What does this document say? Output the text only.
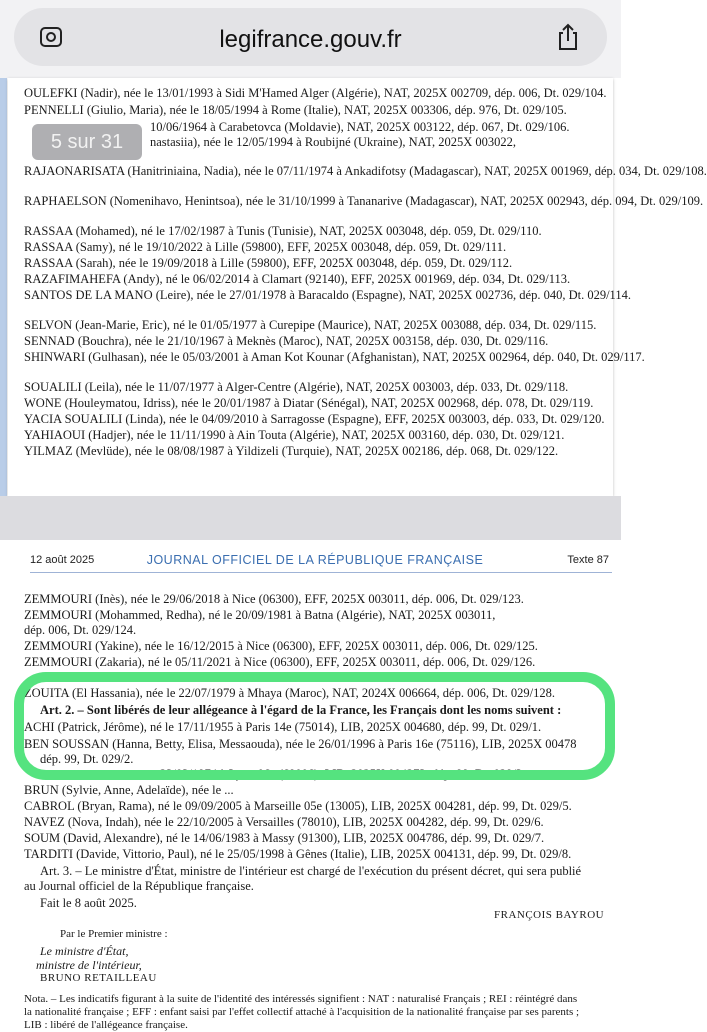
legifrance.gouv.fr
OULEFKI (Nadir), née le 13/01/1993 à Sidi M'Hamed Alger (Algérie), NAT, 2025X 002709, dép. 006, Dt. 029/104.
PENNELLI (Giulio, Maria), née le 18/05/1994 à Rome (Italie), NAT, 2025X 003306, dép. 976, Dt. 029/105.
10/06/1964 à Carabetovca (Moldavie), NAT, 2025X 003122, dép. 067, Dt. 029/106.
nastasiia), née le 12/05/1994 à Roubijné (Ukraine), NAT, 2025X 003022,
RAJAONARISATA (Hanitriniaina, Nadia), née le 07/11/1974 à Ankadifotsy (Madagascar), NAT, 2025X 001969, dép. 034, Dt. 029/108.
RAPHAELSON (Nomenihavo, Henintsoa), née le 31/10/1999 à Tananarive (Madagascar), NAT, 2025X 002943, dép. 094, Dt. 029/109.
RASSAA (Mohamed), né le 17/02/1987 à Tunis (Tunisie), NAT, 2025X 003048, dép. 059, Dt. 029/110.
RASSAA (Samy), né le 19/10/2022 à Lille (59800), EFF, 2025X 003048, dép. 059, Dt. 029/111.
RASSAA (Sarah), née le 19/09/2018 à Lille (59800), EFF, 2025X 003048, dép. 059, Dt. 029/112.
RAZAFIMAHEFA (Andy), né le 06/02/2014 à Clamart (92140), EFF, 2025X 001969, dép. 034, Dt. 029/113.
SANTOS DE LA MANO (Leire), née le 27/01/1978 à Baracaldo (Espagne), NAT, 2025X 002736, dép. 040, Dt. 029/114.
SELVON (Jean-Marie, Eric), né le 01/05/1977 à Curepipe (Maurice), NAT, 2025X 003088, dép. 034, Dt. 029/115.
SENNAD (Bouchra), née le 21/10/1967 à Meknès (Maroc), NAT, 2025X 003158, dép. 030, Dt. 029/116.
SHINWARI (Gulhasan), née le 05/03/2001 à Aman Kot Kounar (Afghanistan), NAT, 2025X 002964, dép. 040, Dt. 029/117.
SOUALILI (Leila), née le 11/07/1977 à Alger-Centre (Algérie), NAT, 2025X 003003, dép. 033, Dt. 029/118.
WONE (Houleymatou, Idriss), née le 20/01/1987 à Diatar (Sénégal), NAT, 2025X 002968, dép. 078, Dt. 029/119.
YACIA SOUALILI (Linda), née le 04/09/2010 à Sarragosse (Espagne), EFF, 2025X 003003, dép. 033, Dt. 029/120.
YAHIAOUI (Hadjer), née le 11/11/1990 à Ain Touta (Algérie), NAT, 2025X 003160, dép. 030, Dt. 029/121.
YILMAZ (Mevlüde), née le 08/08/1987 à Yildizeli (Turquie), NAT, 2025X 002186, dép. 068, Dt. 029/122.
5 sur 31
12 août 2025	JOURNAL OFFICIEL DE LA RÉPUBLIQUE FRANÇAISE	Texte 87
ZEMMOURI (Inès), née le 29/06/2018 à Nice (06300), EFF, 2025X 003011, dép. 006, Dt. 029/123.
ZEMMOURI (Mohammed, Redha), né le 20/09/1981 à Batna (Algérie), NAT, 2025X 003011,
dép. 006, Dt. 029/124.
ZEMMOURI (Yakine), née le 16/12/2015 à Nice (06300), EFF, 2025X 003011, dép. 006, Dt. 029/125.
ZEMMOURI (Zakaria), né le 05/11/2021 à Nice (06300), EFF, 2025X 003011, dép. 006, Dt. 029/126.
ZOUITA (El Hassania), née le 22/07/1979 à Mhaya (Maroc), NAT, 2024X 006664, dép. 006, Dt. 029/128.
Art. 2. – Sont libérés de leur allégeance à l'égard de la France, les Français dont les noms suivent :
ACHI (Patrick, Jérôme), né le 17/11/1955 à Paris 14e (75014), LIB, 2025X 004680, dép. 99, Dt. 029/1.
BEN SOUSSAN (Hanna, Betty, Elisa, Messaouda), née le 26/01/1996 à Paris 16e (75116), LIB, 2025X 00478
dép. 99, Dt. 029/2.
23/03/1974 à Lyon 06e (69006), LIB, 2025X 004273, dép. 99, Dt. 029/3.
BRUN (Sylvie, Anne, Adelaïde), née le ...
CABROL (Bryan, Rama), né le 09/09/2005 à Marseille 05e (13005), LIB, 2025X 004281, dép. 99, Dt. 029/5.
NAVEZ (Nova, Indah), née le 22/10/2005 à Versailles (78010), LIB, 2025X 004282, dép. 99, Dt. 029/6.
SOUM (David, Alexandre), né le 14/06/1983 à Massy (91300), LIB, 2025X 004786, dép. 99, Dt. 029/7.
TARDITI (Davide, Vittorio, Paul), né le 25/05/1998 à Gênes (Italie), LIB, 2025X 004131, dép. 99, Dt. 029/8.
Art. 3. – Le ministre d'État, ministre de l'intérieur est chargé de l'exécution du présent décret, qui sera publié
au Journal officiel de la République française.
Fait le 8 août 2025.
FRANÇOIS BAYROU
Par le Premier ministre :
Le ministre d'État,
ministre de l'intérieur,
BRUNO RETAILLEAU
Nota. – Les indicatifs figurant à la suite de l'identité des intéressés signifient : NAT : naturalisé Français ; REI : réintégré dans
la nationalité française ; EFF : enfant saisi par l'effet collectif attaché à l'acquisition de la nationalité française par ses parents ;
LIB : libéré de l'allégeance française.
